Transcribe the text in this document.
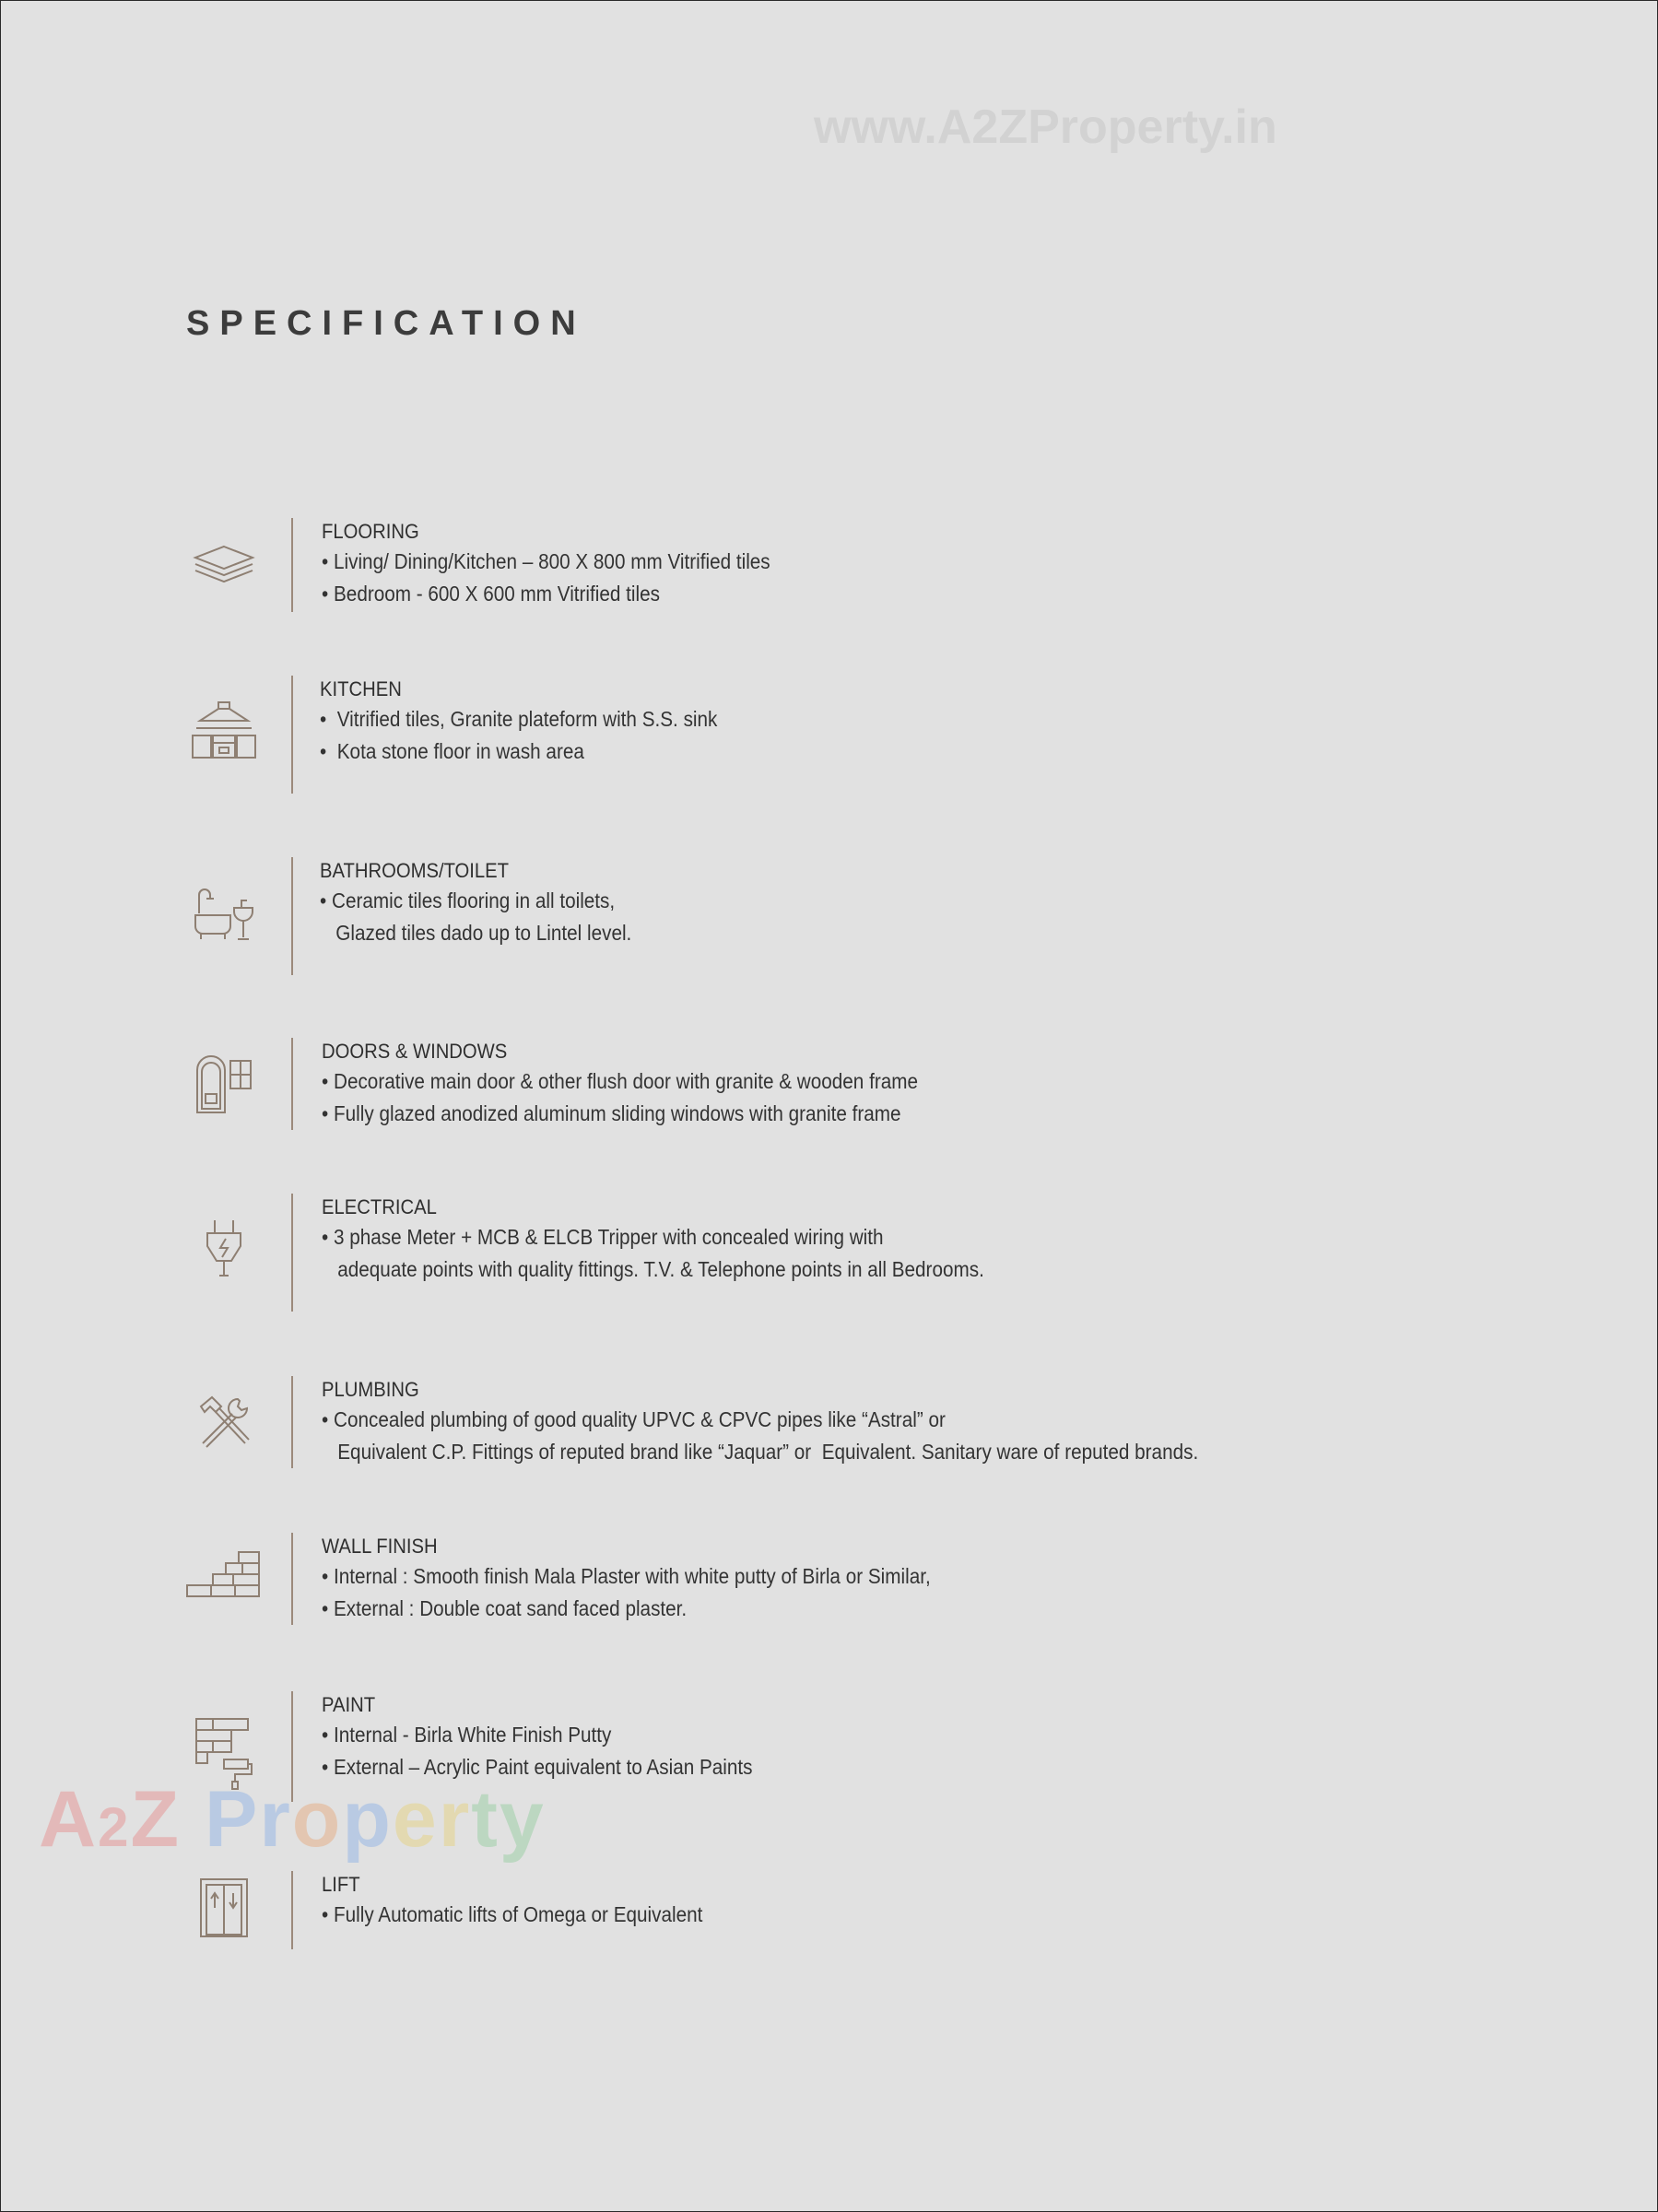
www.A2ZProperty.in
SPECIFICATION
FLOORING
• Living/ Dining/Kitchen – 800 X 800 mm Vitrified tiles
• Bedroom - 600 X 600 mm Vitrified tiles
KITCHEN
•  Vitrified tiles, Granite plateform with S.S. sink
•  Kota stone floor in wash area
BATHROOMS/TOILET
• Ceramic tiles flooring in all toilets,
Glazed tiles dado up to Lintel level.
DOORS & WINDOWS
• Decorative main door & other flush door with granite & wooden frame
• Fully glazed anodized aluminum sliding windows with granite frame
ELECTRICAL
• 3 phase Meter + MCB & ELCB Tripper with concealed wiring with
adequate points with quality fittings. T.V. & Telephone points in all Bedrooms.
PLUMBING
• Concealed plumbing of good quality UPVC & CPVC pipes like “Astral” or
Equivalent C.P. Fittings of reputed brand like “Jaquar” or  Equivalent. Sanitary ware of reputed brands.
WALL FINISH
• Internal : Smooth finish Mala Plaster with white putty of Birla or Similar,
• External : Double coat sand faced plaster.
PAINT
• Internal - Birla White Finish Putty
• External – Acrylic Paint equivalent to Asian Paints
LIFT
• Fully Automatic lifts of Omega or Equivalent
A2Z Property
